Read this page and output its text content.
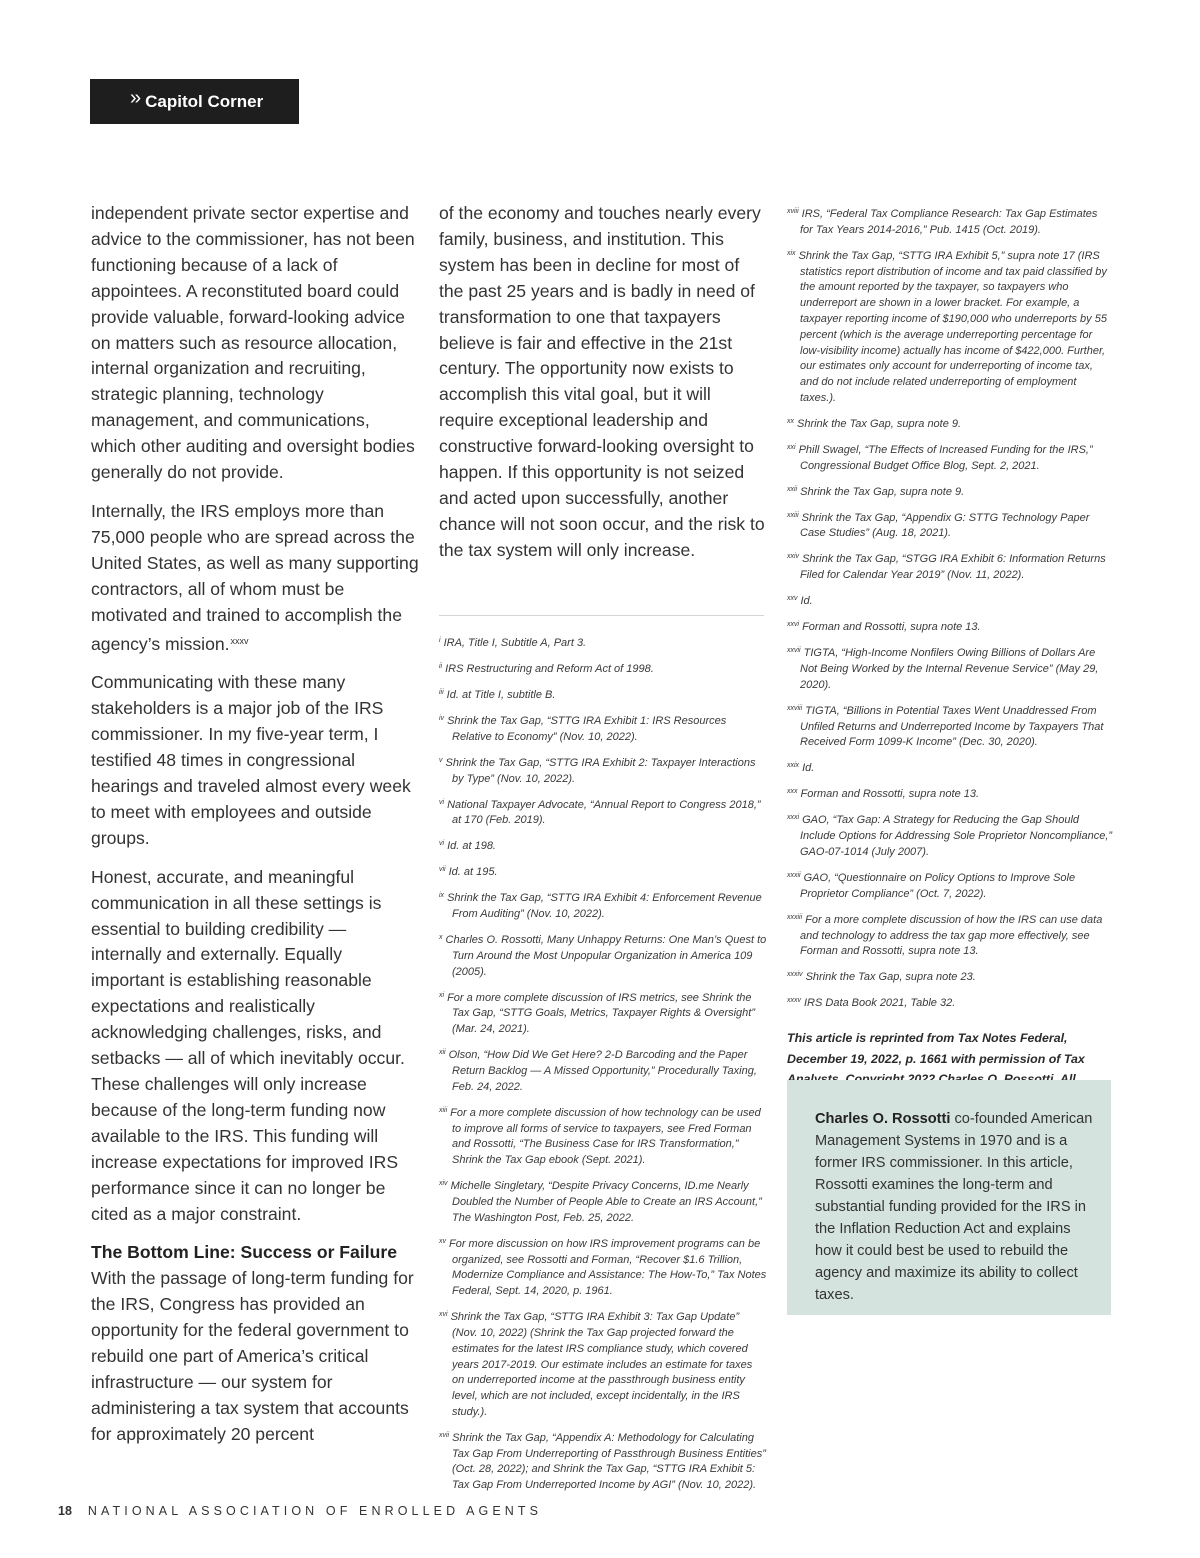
» Capitol Corner
independent private sector expertise and advice to the commissioner, has not been functioning because of a lack of appointees. A reconstituted board could provide valuable, forward-looking advice on matters such as resource allocation, internal organization and recruiting, strategic planning, technology management, and communications, which other auditing and oversight bodies generally do not provide.
Internally, the IRS employs more than 75,000 people who are spread across the United States, as well as many supporting contractors, all of whom must be motivated and trained to accomplish the agency’s mission.$^{xxxv}$
Communicating with these many stakeholders is a major job of the IRS commissioner. In my five-year term, I testified 48 times in congressional hearings and traveled almost every week to meet with employees and outside groups.
Honest, accurate, and meaningful communication in all these settings is essential to building credibility — internally and externally. Equally important is establishing reasonable expectations and realistically acknowledging challenges, risks, and setbacks — all of which inevitably occur. These challenges will only increase because of the long-term funding now available to the IRS. This funding will increase expectations for improved IRS performance since it can no longer be cited as a major constraint.
The Bottom Line: Success or Failure
With the passage of long-term funding for the IRS, Congress has provided an opportunity for the federal government to rebuild one part of America’s critical infrastructure — our system for administering a tax system that accounts for approximately 20 percent
of the economy and touches nearly every family, business, and institution. This system has been in decline for most of the past 25 years and is badly in need of transformation to one that taxpayers believe is fair and effective in the 21st century. The opportunity now exists to accomplish this vital goal, but it will require exceptional leadership and constructive forward-looking oversight to happen. If this opportunity is not seized and acted upon successfully, another chance will not soon occur, and the risk to the tax system will only increase.
$^i$ IRA, Title I, Subtitle A, Part 3.
$^{ii}$ IRS Restructuring and Reform Act of 1998.
$^{iii}$ Id. at Title I, subtitle B.
$^{iv}$ Shrink the Tax Gap, “STTG IRA Exhibit 1: IRS Resources Relative to Economy” (Nov. 10, 2022).
$^v$ Shrink the Tax Gap, “STTG IRA Exhibit 2: Taxpayer Interactions by Type” (Nov. 10, 2022).
$^{vi}$ National Taxpayer Advocate, “Annual Report to Congress 2018,” at 170 (Feb. 2019).
$^{vi}$ Id. at 198.
$^{vii}$ Id. at 195.
$^{ix}$ Shrink the Tax Gap, “STTG IRA Exhibit 4: Enforcement Revenue From Auditing” (Nov. 10, 2022).
$^x$ Charles O. Rossotti, Many Unhappy Returns: One Man’s Quest to Turn Around the Most Unpopular Organization in America 109 (2005).
$^{xi}$ For a more complete discussion of IRS metrics, see Shrink the Tax Gap, “STTG Goals, Metrics, Taxpayer Rights & Oversight” (Mar. 24, 2021).
$^{xii}$ Olson, “How Did We Get Here? 2-D Barcoding and the Paper Return Backlog — A Missed Opportunity,” Procedurally Taxing, Feb. 24, 2022.
$^{xiii}$ For a more complete discussion of how technology can be used to improve all forms of service to taxpayers, see Fred Forman and Rossotti, “The Business Case for IRS Transformation,” Shrink the Tax Gap ebook (Sept. 2021).
$^{xiv}$ Michelle Singletary, “Despite Privacy Concerns, ID.me Nearly Doubled the Number of People Able to Create an IRS Account,” The Washington Post, Feb. 25, 2022.
$^{xv}$ For more discussion on how IRS improvement programs can be organized, see Rossotti and Forman, “Recover $1.6 Trillion, Modernize Compliance and Assistance: The How-To,” Tax Notes Federal, Sept. 14, 2020, p. 1961.
$^{xvi}$ Shrink the Tax Gap, “STTG IRA Exhibit 3: Tax Gap Update” (Nov. 10, 2022) (Shrink the Tax Gap projected forward the estimates for the latest IRS compliance study, which covered years 2017-2019. Our estimate includes an estimate for taxes on underreported income at the passthrough business entity level, which are not included, except incidentally, in the IRS study.).
$^{xvii}$ Shrink the Tax Gap, “Appendix A: Methodology for Calculating Tax Gap From Underreporting of Passthrough Business Entities” (Oct. 28, 2022); and Shrink the Tax Gap, “STTG IRA Exhibit 5: Tax Gap From Underreported Income by AGI” (Nov. 10, 2022).
$^{xviii}$ IRS, “Federal Tax Compliance Research: Tax Gap Estimates for Tax Years 2014-2016,” Pub. 1415 (Oct. 2019).
$^{xix}$ Shrink the Tax Gap, “STTG IRA Exhibit 5,” supra note 17 (IRS statistics report distribution of income and tax paid classified by the amount reported by the taxpayer, so taxpayers who underreport are shown in a lower bracket. For example, a taxpayer reporting income of $190,000 who underreports by 55 percent (which is the average underreporting percentage for low-visibility income) actually has income of $422,000. Further, our estimates only account for underreporting of income tax, and do not include related underreporting of employment taxes.).
$^{xx}$ Shrink the Tax Gap, supra note 9.
$^{xxi}$ Phill Swagel, “The Effects of Increased Funding for the IRS,” Congressional Budget Office Blog, Sept. 2, 2021.
$^{xxii}$ Shrink the Tax Gap, supra note 9.
$^{xxiii}$ Shrink the Tax Gap, “Appendix G: STTG Technology Paper Case Studies” (Aug. 18, 2021).
$^{xxiv}$ Shrink the Tax Gap, “STGG IRA Exhibit 6: Information Returns Filed for Calendar Year 2019” (Nov. 11, 2022).
$^{xxv}$ Id.
$^{xxvi}$ Forman and Rossotti, supra note 13.
$^{xxvii}$ TIGTA, “High-Income Nonfilers Owing Billions of Dollars Are Not Being Worked by the Internal Revenue Service” (May 29, 2020).
$^{xxviii}$ TIGTA, “Billions in Potential Taxes Went Unaddressed From Unfiled Returns and Underreported Income by Taxpayers That Received Form 1099-K Income” (Dec. 30, 2020).
$^{xxix}$ Id.
$^{xxx}$ Forman and Rossotti, supra note 13.
$^{xxxi}$ GAO, “Tax Gap: A Strategy for Reducing the Gap Should Include Options for Addressing Sole Proprietor Noncompliance,” GAO-07-1014 (July 2007).
$^{xxxii}$ GAO, “Questionnaire on Policy Options to Improve Sole Proprietor Compliance” (Oct. 7, 2022).
$^{xxxiii}$ For a more complete discussion of how the IRS can use data and technology to address the tax gap more effectively, see Forman and Rossotti, supra note 13.
$^{xxxiv}$ Shrink the Tax Gap, supra note 23.
$^{xxxv}$ IRS Data Book 2021, Table 32.
This article is reprinted from Tax Notes Federal, December 19, 2022, p. 1661 with permission of Tax
Charles O. Rossotti co-founded American Management Systems in 1970 and is a former IRS commissioner. In this article, Rossotti examines the long-term and substantial funding provided for the IRS in the Inflation Reduction Act and explains how it could best be used to rebuild the agency and maximize its ability to collect taxes.
18 NATIONAL ASSOCIATION OF ENROLLED AGENTS
